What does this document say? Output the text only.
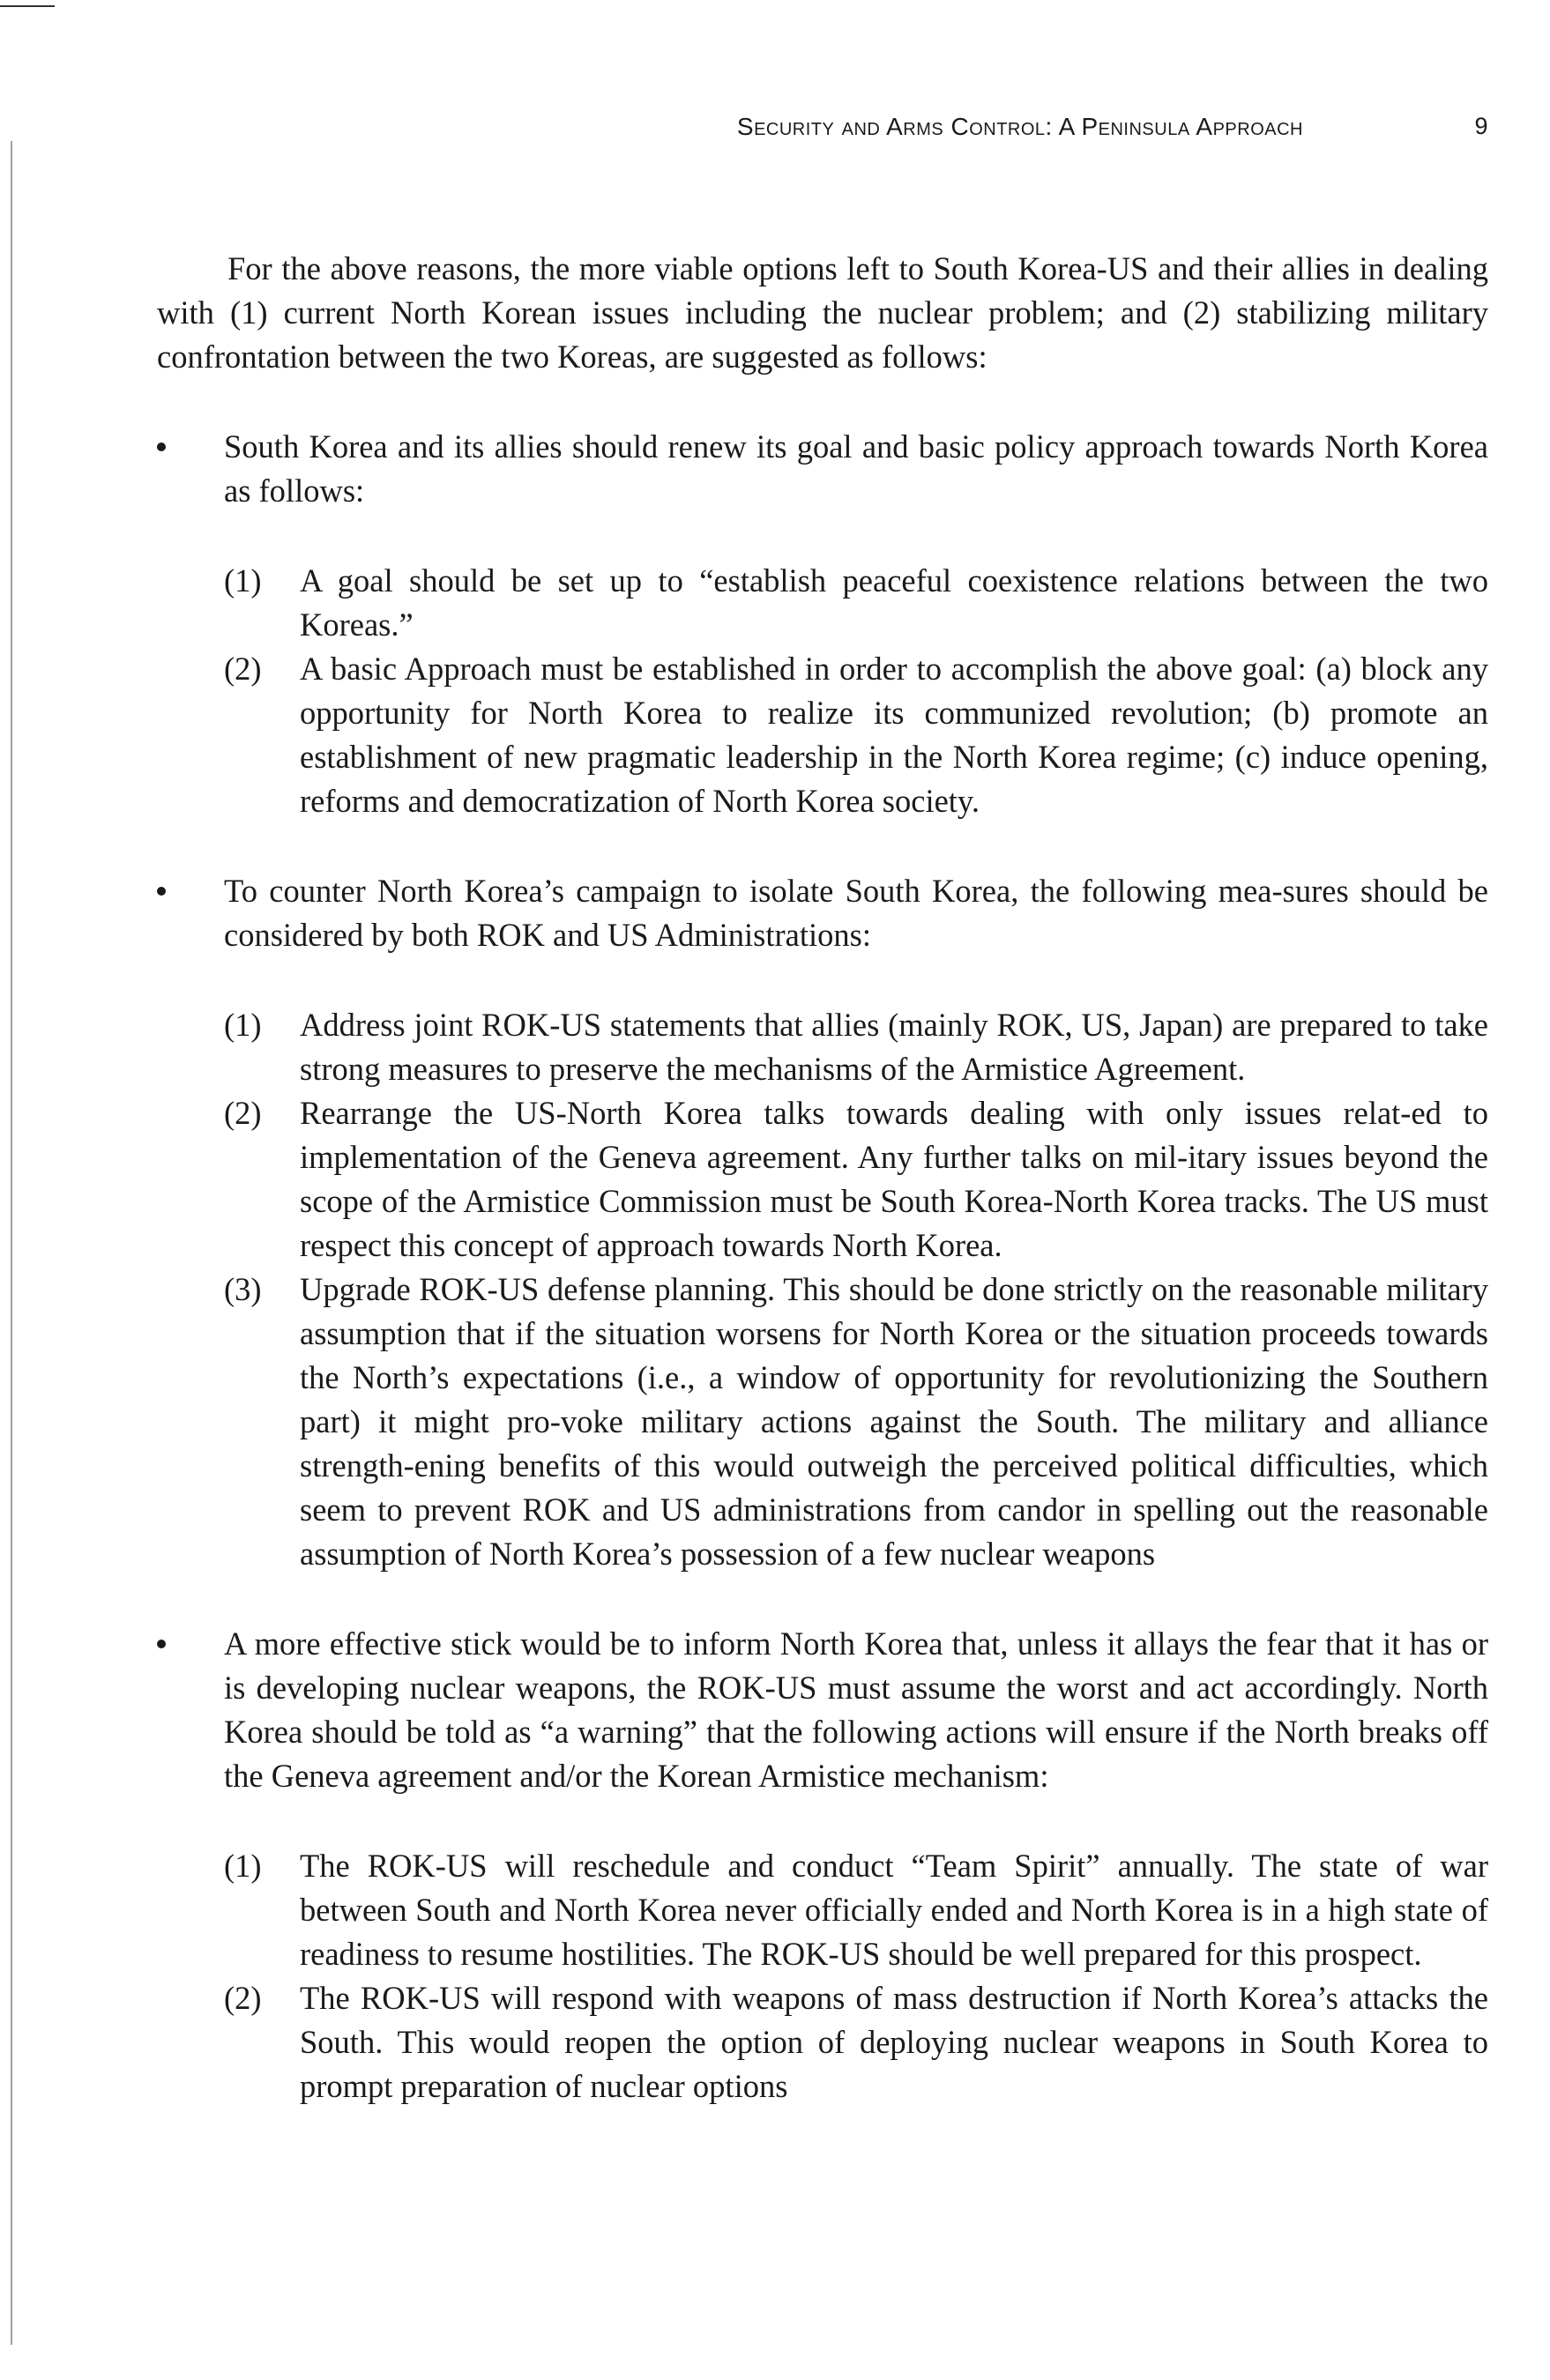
Security and Arms Control: A Peninsula Approach	9

For the above reasons, the more viable options left to South Korea-US and their allies in dealing with (1) current North Korean issues including the nuclear problem; and (2) stabilizing military confrontation between the two Koreas, are suggested as follows:

South Korea and its allies should renew its goal and basic policy approach towards North Korea as follows:

(1) A goal should be set up to “establish peaceful coexistence relations between the two Koreas.”
(2) A basic Approach must be established in order to accomplish the above goal: (a) block any opportunity for North Korea to realize its communized revolution; (b) promote an establishment of new pragmatic leadership in the North Korea regime; (c) induce opening, reforms and democratization of North Korea society.

To counter North Korea’s campaign to isolate South Korea, the following mea-sures should be considered by both ROK and US Administrations:

(1) Address joint ROK-US statements that allies (mainly ROK, US, Japan) are prepared to take strong measures to preserve the mechanisms of the Armistice Agreement.
(2) Rearrange the US-North Korea talks towards dealing with only issues relat-ed to implementation of the Geneva agreement. Any further talks on mil-itary issues beyond the scope of the Armistice Commission must be South Korea-North Korea tracks. The US must respect this concept of approach towards North Korea.
(3) Upgrade ROK-US defense planning. This should be done strictly on the reasonable military assumption that if the situation worsens for North Korea or the situation proceeds towards the North’s expectations (i.e., a window of opportunity for revolutionizing the Southern part) it might pro-voke military actions against the South. The military and alliance strength-ening benefits of this would outweigh the perceived political difficulties, which seem to prevent ROK and US administrations from candor in spelling out the reasonable assumption of North Korea’s possession of a few nuclear weapons

A more effective stick would be to inform North Korea that, unless it allays the fear that it has or is developing nuclear weapons, the ROK-US must assume the worst and act accordingly. North Korea should be told as “a warning” that the following actions will ensure if the North breaks off the Geneva agreement and/or the Korean Armistice mechanism:

(1) The ROK-US will reschedule and conduct “Team Spirit” annually. The state of war between South and North Korea never officially ended and North Korea is in a high state of readiness to resume hostilities. The ROK-US should be well prepared for this prospect.
(2) The ROK-US will respond with weapons of mass destruction if North Korea’s attacks the South. This would reopen the option of deploying nuclear weapons in South Korea to prompt preparation of nuclear options
